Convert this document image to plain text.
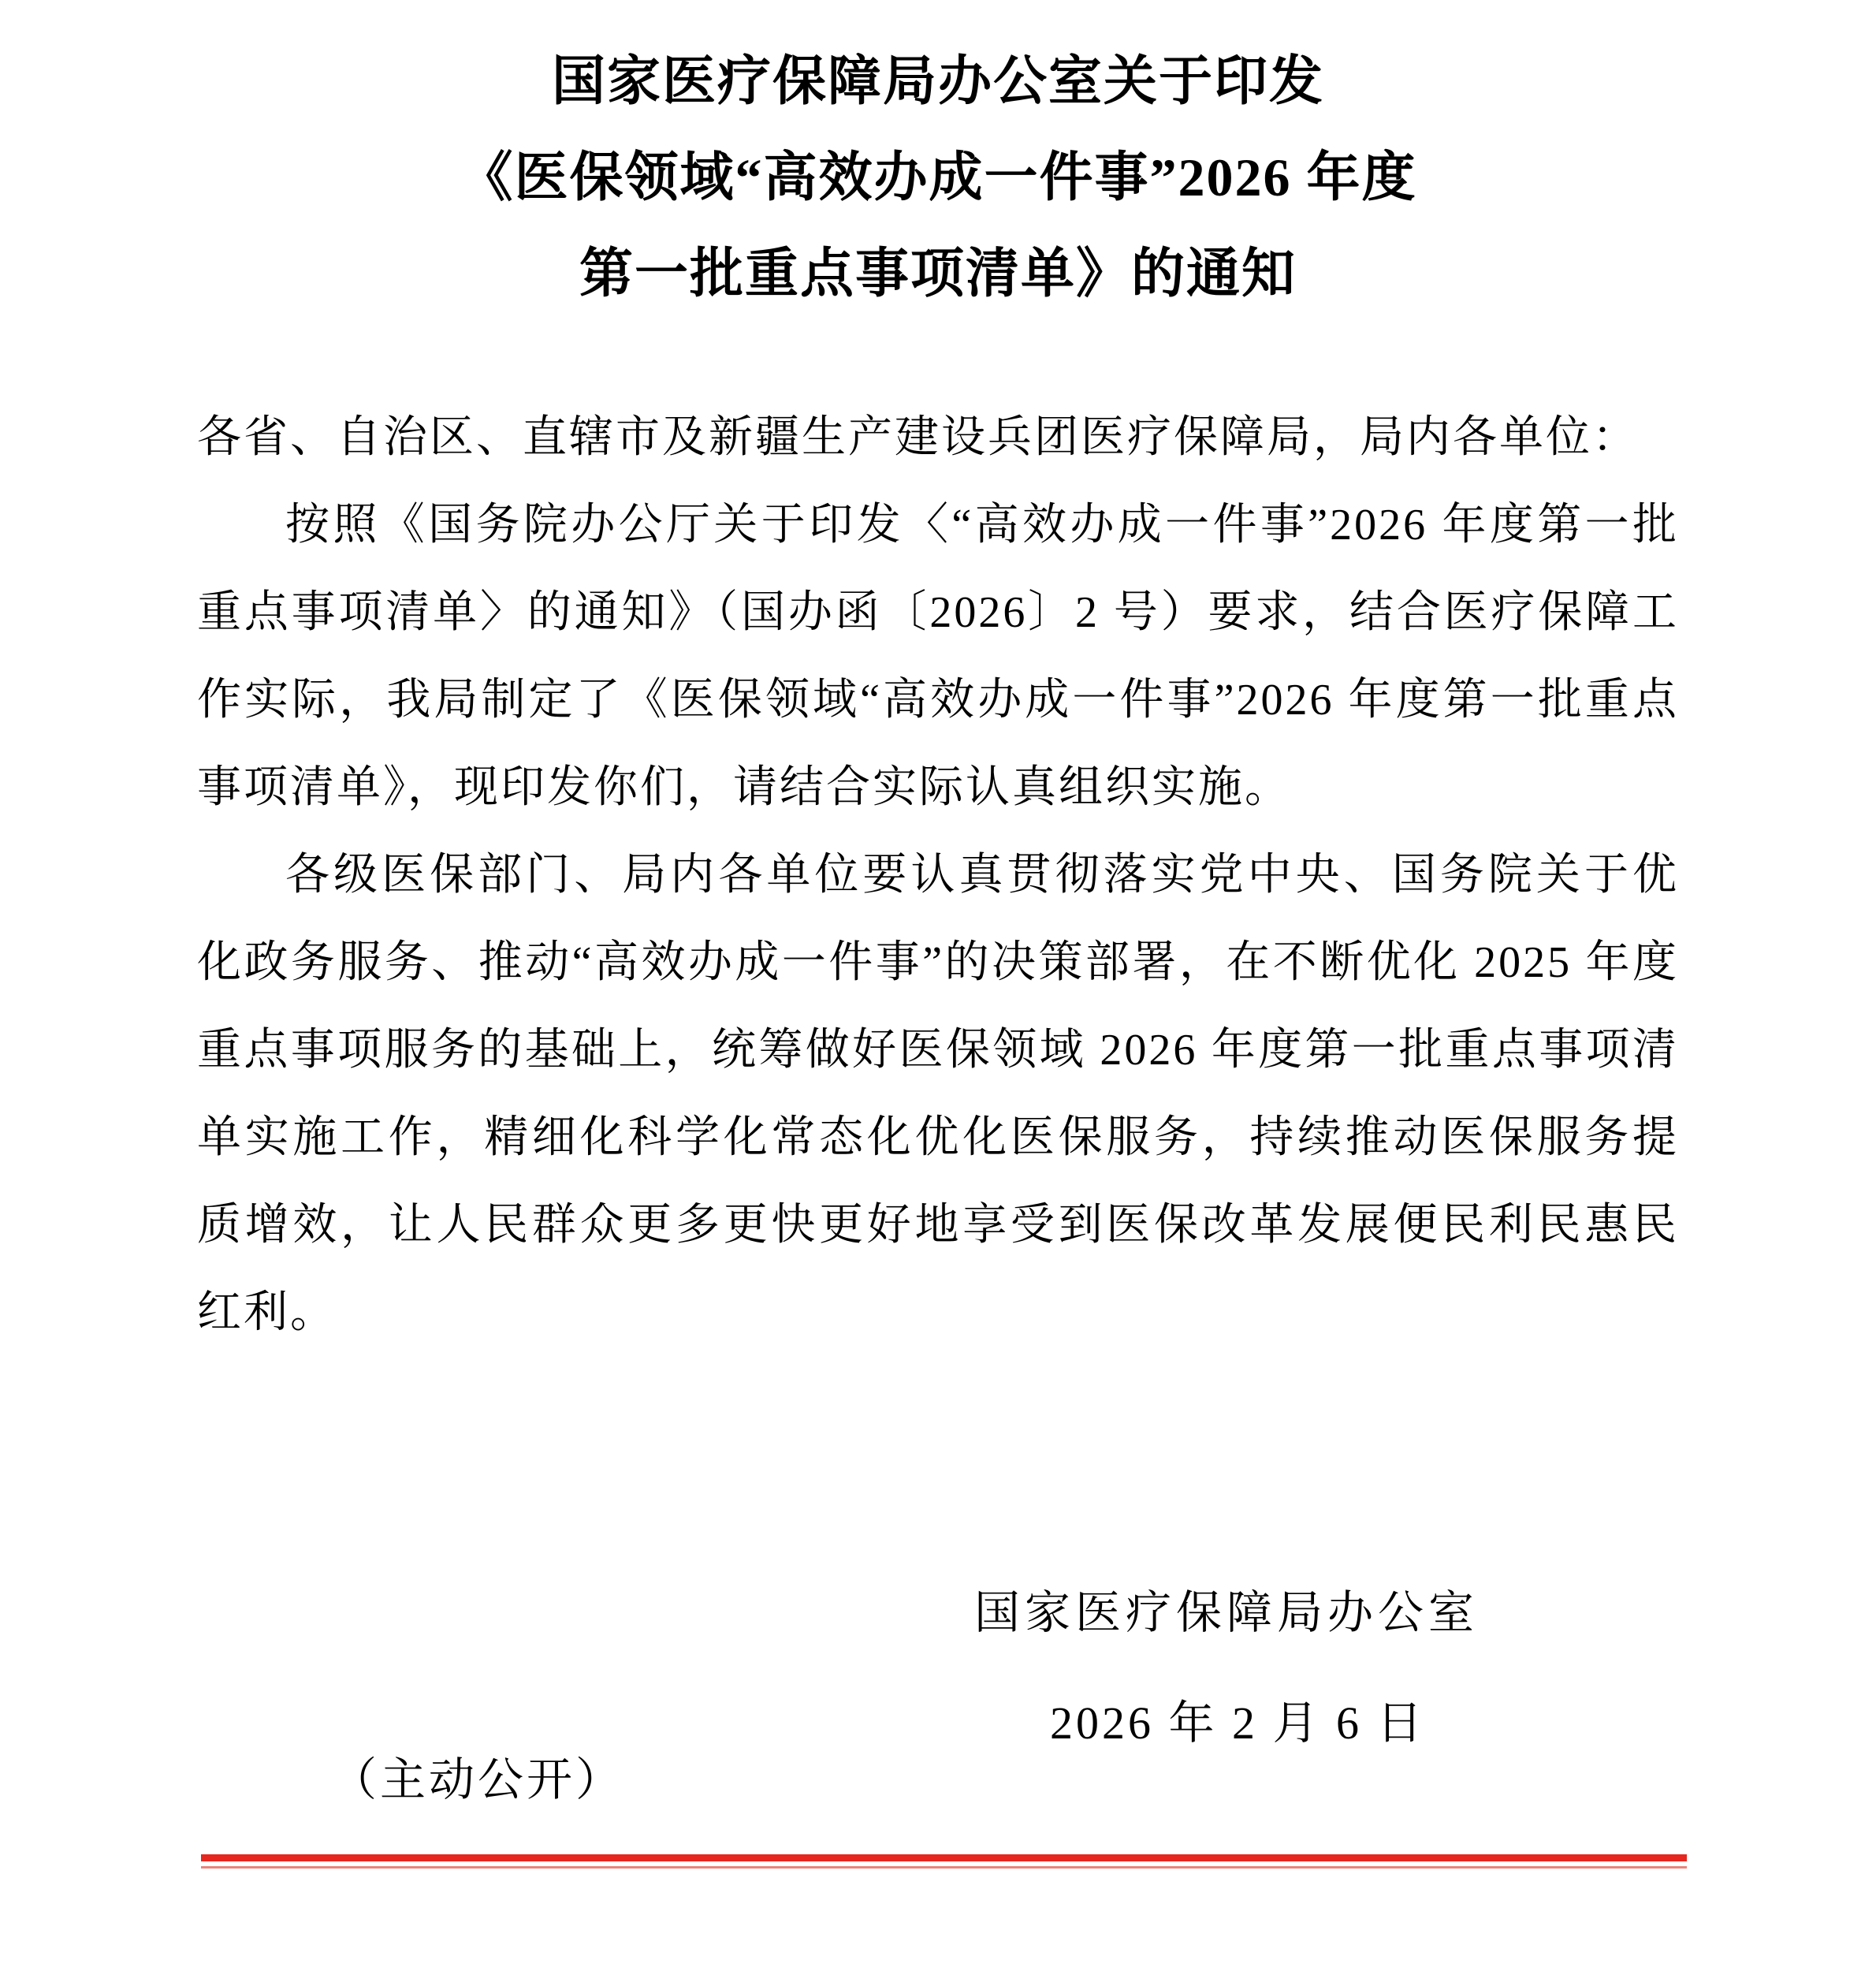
国家医疗保障局办公室关于印发
《医保领域“高效办成一件事”2026 年度
第一批重点事项清单》的通知

各省、自治区、直辖市及新疆生产建设兵团医疗保障局，局内各单位：

按照《国务院办公厅关于印发〈“高效办成一件事”2026 年度第一批重点事项清单〉的通知》（国办函〔2026〕2 号）要求，结合医疗保障工作实际，我局制定了《医保领域“高效办成一件事”2026 年度第一批重点事项清单》，现印发你们，请结合实际认真组织实施。

各级医保部门、局内各单位要认真贯彻落实党中央、国务院关于优化政务服务、推动“高效办成一件事”的决策部署，在不断优化 2025 年度重点事项服务的基础上，统筹做好医保领域 2026 年度第一批重点事项清单实施工作，精细化科学化常态化优化医保服务，持续推动医保服务提质增效，让人民群众更多更快更好地享受到医保改革发展便民利民惠民红利。

国家医疗保障局办公室
2026 年 2 月 6 日
（主动公开）
